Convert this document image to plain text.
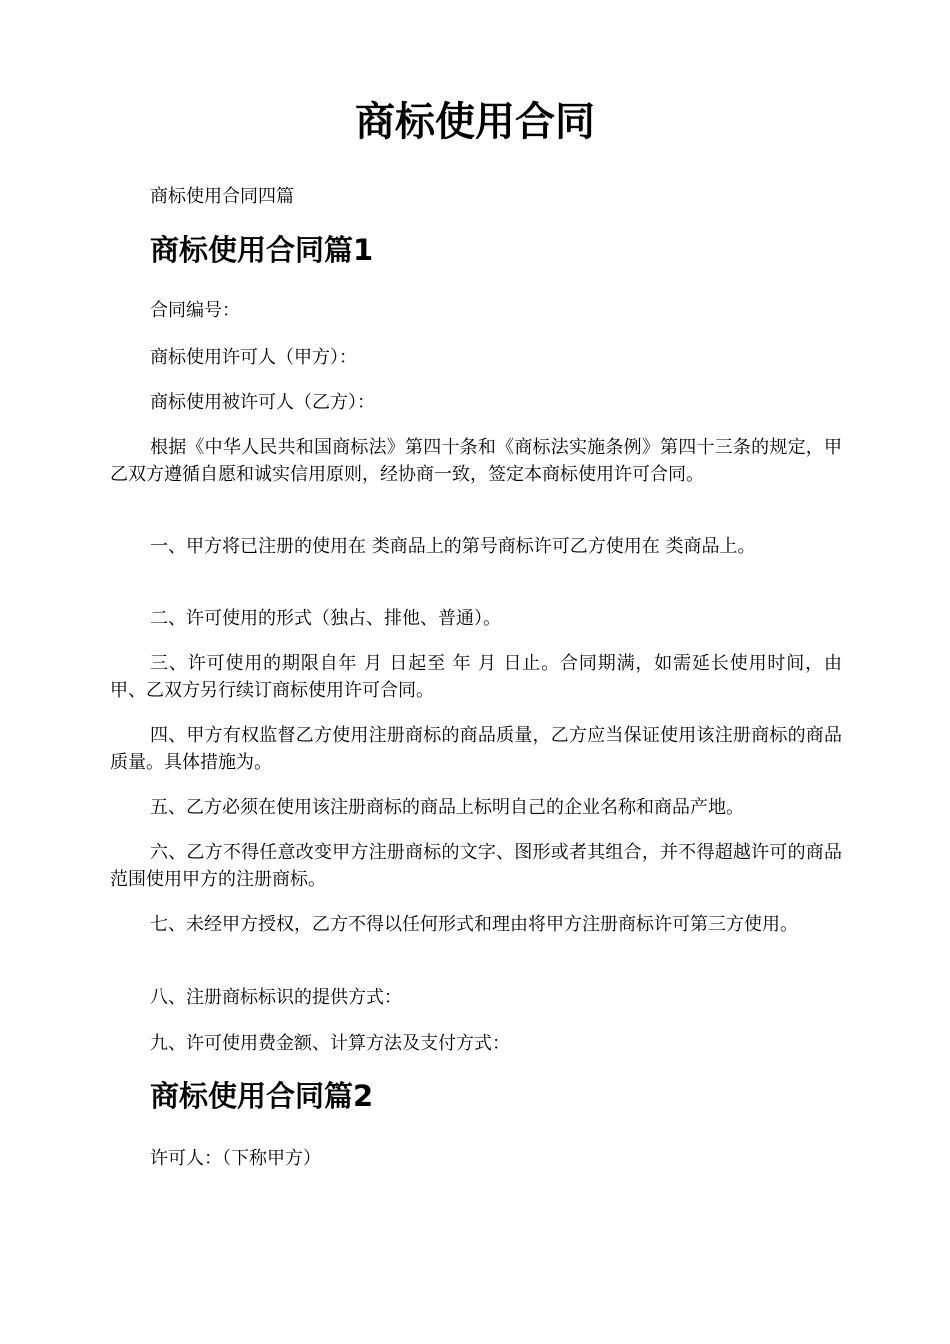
商标使用合同

商标使用合同四篇

商标使用合同篇1

合同编号：

商标使用许可人（甲方）：

商标使用被许可人（乙方）：

根据《中华人民共和国商标法》第四十条和《商标法实施条例》第四十三条的规定，甲乙双方遵循自愿和诚实信用原则，经协商一致，签定本商标使用许可合同。

一、甲方将已注册的使用在 类商品上的第号商标许可乙方使用在 类商品上。

二、许可使用的形式（独占、排他、普通）。

三、许可使用的期限自年 月 日起至 年 月 日止。合同期满，如需延长使用时间，由甲、乙双方另行续订商标使用许可合同。

四、甲方有权监督乙方使用注册商标的商品质量，乙方应当保证使用该注册商标的商品质量。具体措施为。

五、乙方必须在使用该注册商标的商品上标明自己的企业名称和商品产地。

六、乙方不得任意改变甲方注册商标的文字、图形或者其组合，并不得超越许可的商品范围使用甲方的注册商标。

七、未经甲方授权，乙方不得以任何形式和理由将甲方注册商标许可第三方使用。

八、注册商标标识的提供方式：

九、许可使用费金额、计算方法及支付方式：

商标使用合同篇2

许可人：（下称甲方）
